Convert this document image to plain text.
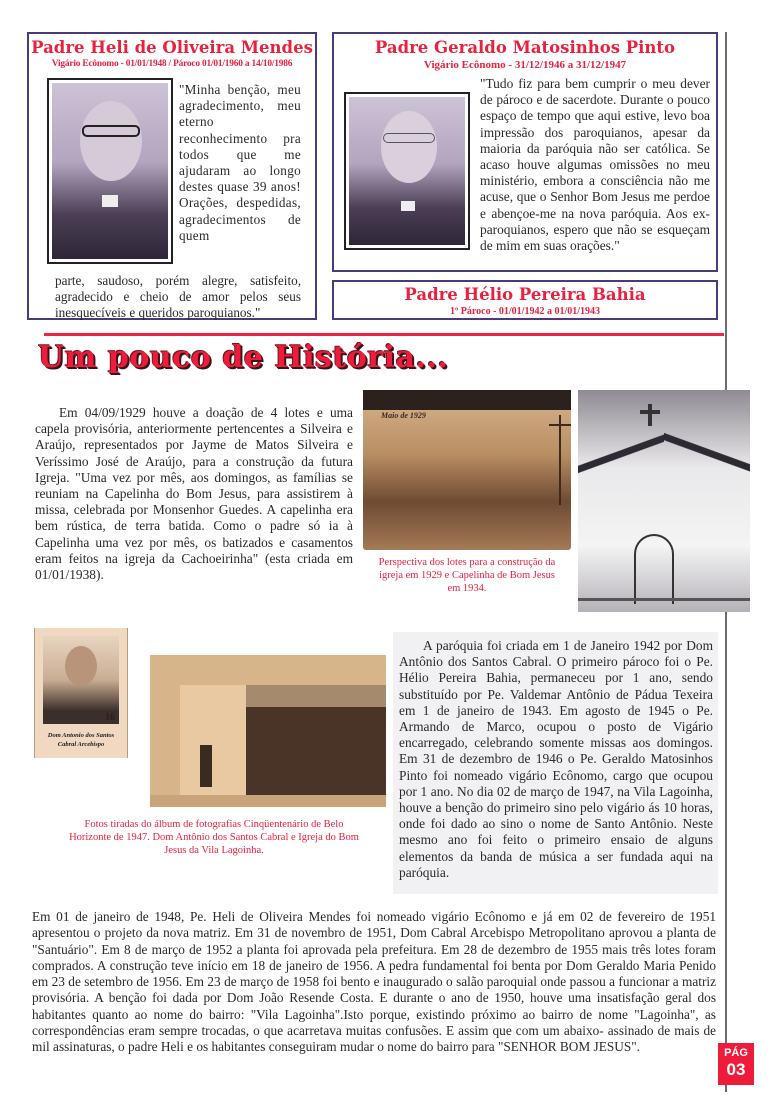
Padre Heli de Oliveira Mendes
Vigário Ecônomo - 01/01/1948 / Pároco 01/01/1960 a 14/10/1986
"Minha benção, meu agradecimento, meu eterno reconhecimento pra todos que me ajudaram ao longo destes quase 39 anos! Orações, despedidas, agradecimentos de quem
parte, saudoso, porém alegre, satisfeito, agradecido e cheio de amor pelos seus inesquecíveis e queridos paroquianos."
Padre Geraldo Matosinhos Pinto
Vigário Ecônomo - 31/12/1946 a 31/12/1947
"Tudo fiz para bem cumprir o meu dever de pároco e de sacerdote. Durante o pouco espaço de tempo que aqui estive, levo boa impressão dos paroquianos, apesar da maioria da paróquia não ser católica. Se acaso houve algumas omissões no meu ministério, embora a consciência não me acuse, que o Senhor Bom Jesus me perdoe e abençoe-me na nova paróquia. Aos ex-paroquianos, espero que não se esqueçam de mim em suas orações."
Padre Hélio Pereira Bahia
1º Pároco - 01/01/1942 a 01/01/1943
Um pouco de História...
Em 04/09/1929 houve a doação de 4 lotes e uma capela provisória, anteriormente pertencentes a Silveira e Araújo, representados por Jayme de Matos Silveira e Veríssimo José de Araújo, para a construção da futura Igreja. "Uma vez por mês, aos domingos, as famílias se reuniam na Capelinha do Bom Jesus, para assistirem à missa, celebrada por Monsenhor Guedes. A capelinha era bem rústica, de terra batida. Como o padre só ia à Capelinha uma vez por mês, os batizados e casamentos eram feitos na igreja da Cachoeirinha" (esta criada em 01/01/1938).
Maio de 1929
Perspectiva dos lotes para a construção da igreja em 1929 e Capelinha de Bom Jesus em 1934.
16
Dom Antonio dos Santos Cabral Arcebispo
Fotos tiradas do álbum de fotografias Cinqüentenário de Belo Horizonte de 1947. Dom Antônio dos Santos Cabral e Igreja do Bom Jesus da Vila Lagoinha.
A paróquia foi criada em 1 de Janeiro 1942 por Dom Antônio dos Santos Cabral. O primeiro pároco foi o Pe. Hélio Pereira Bahia, permaneceu por 1 ano, sendo substituído por Pe. Valdemar Antônio de Pádua Texeira em 1 de janeiro de 1943. Em agosto de 1945 o Pe. Armando de Marco, ocupou o posto de Vigário encarregado, celebrando somente missas aos domingos. Em 31 de dezembro de 1946 o Pe. Geraldo Matosinhos Pinto foi nomeado vigário Ecônomo, cargo que ocupou por 1 ano. No dia 02 de março de 1947, na Vila Lagoinha, houve a benção do primeiro sino pelo vigário ás 10 horas, onde foi dado ao sino o nome de Santo Antônio. Neste mesmo ano foi feito o primeiro ensaio de alguns elementos da banda de música a ser fundada aqui na paróquia.
Em 01 de janeiro de 1948, Pe. Heli de Oliveira Mendes foi nomeado vigário Ecônomo e já em 02 de fevereiro de 1951 apresentou o projeto da nova matriz. Em 31 de novembro de 1951, Dom Cabral Arcebispo Metropolitano aprovou a planta de "Santuário". Em 8 de março de 1952 a planta foi aprovada pela prefeitura. Em 28 de dezembro de 1955 mais três lotes foram comprados. A construção teve início em 18 de janeiro de 1956. A pedra fundamental foi benta por Dom Geraldo Maria Penido em 23 de setembro de 1956. Em 23 de março de 1958 foi bento e inaugurado o salão paroquial onde passou a funcionar a matriz provisória. A benção foi dada por Dom João Resende Costa. E durante o ano de 1950, houve uma insatisfação geral dos habitantes quanto ao nome do bairro: "Vila Lagoinha".Isto porque, existindo próximo ao bairro de nome "Lagoinha", as correspondências eram sempre trocadas, o que acarretava muitas confusões. E assim que com um abaixo- assinado de mais de mil assinaturas, o padre Heli e os habitantes conseguiram mudar o nome do bairro para "SENHOR BOM JESUS".	PÁG
03
